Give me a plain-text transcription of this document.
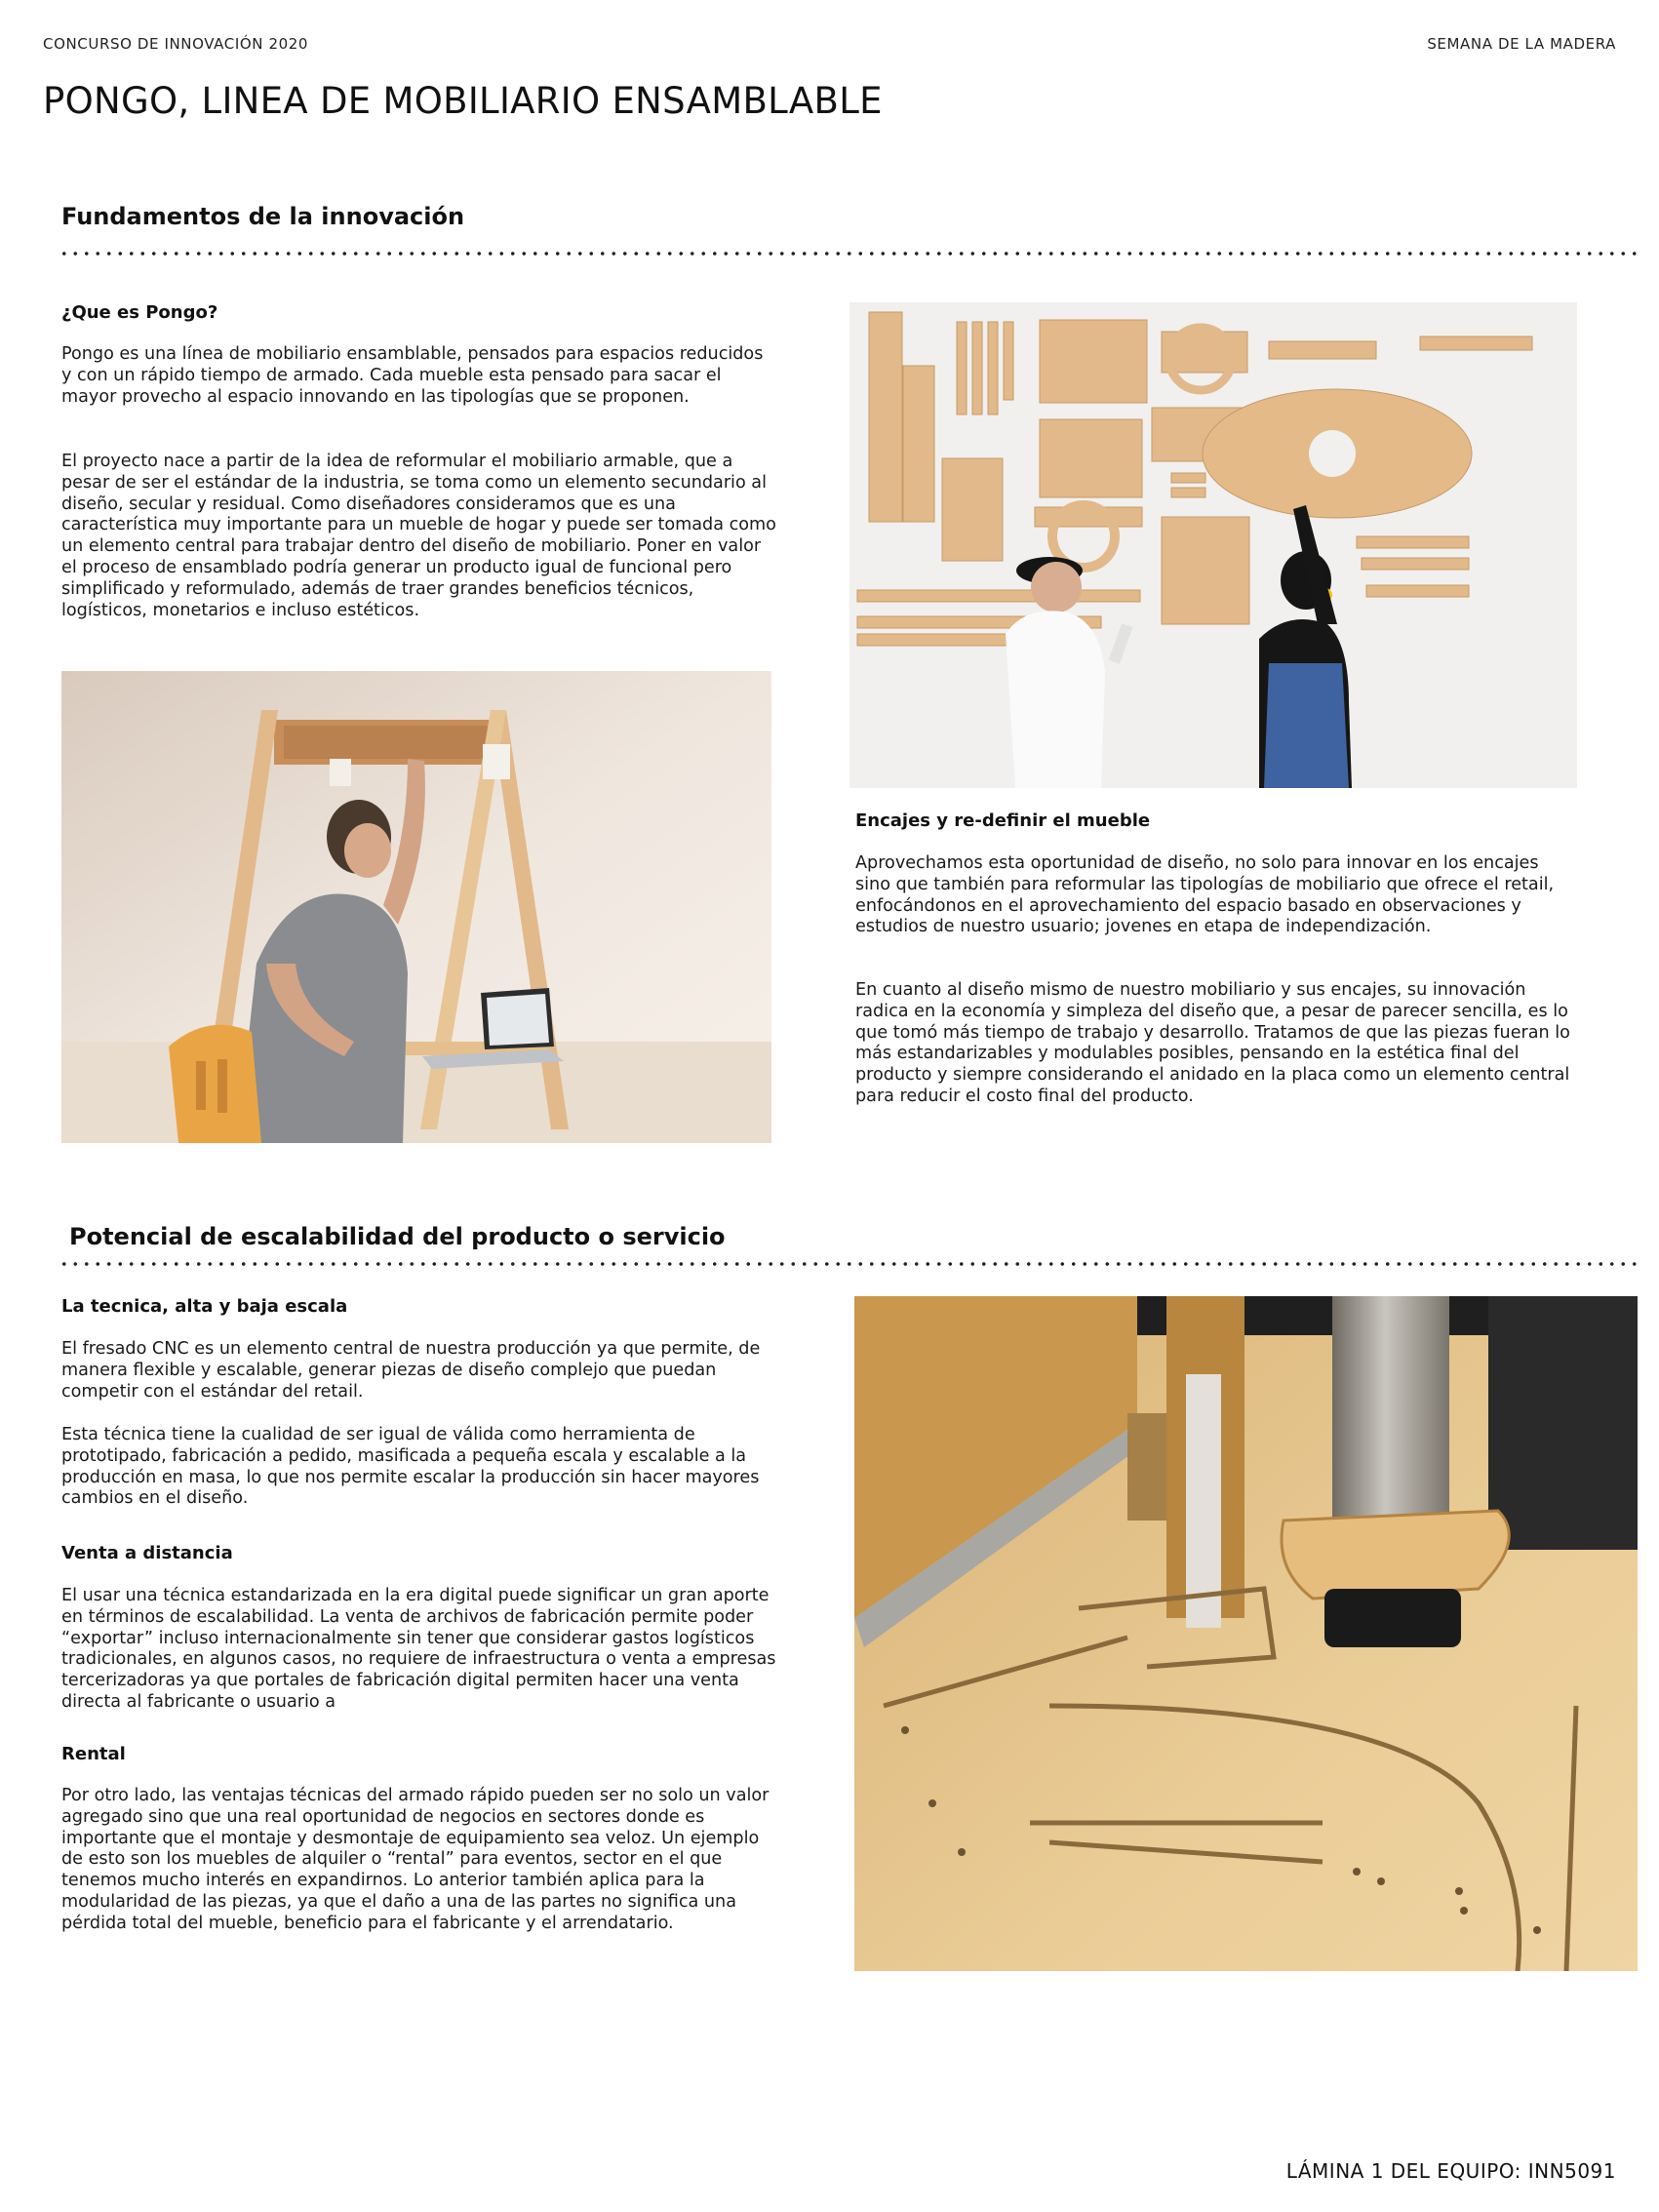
CONCURSO DE INNOVACIÓN 2020	SEMANA DE LA MADERA
PONGO, LINEA DE MOBILIARIO ENSAMBLABLE
Fundamentos de la innovación
¿Que es Pongo?

Pongo es una línea de mobiliario ensamblable, pensados para espacios reducidos y con un rápido tiempo de armado. Cada mueble esta pensado para sacar el mayor provecho al espacio innovando en las tipologías que se proponen.

El proyecto nace a partir de la idea de reformular el mobiliario armable, que a pesar de ser el estándar de la industria, se toma como un elemento secundario al diseño, secular y residual. Como diseñadores consideramos que es una característica muy importante para un mueble de hogar y puede ser tomada como un elemento central para trabajar dentro del diseño de mobiliario. Poner en valor el proceso de ensamblado podría generar un producto igual de funcional pero simplificado y reformulado, además de traer grandes beneficios técnicos, logísticos, monetarios e incluso estéticos.

Encajes y re-definir el mueble

Aprovechamos esta oportunidad de diseño, no solo para innovar en los encajes sino que también para reformular las tipologías de mobiliario que ofrece el retail, enfocándonos en el aprovechamiento del espacio basado en observaciones y estudios de nuestro usuario; jovenes en etapa de independización.

En cuanto al diseño mismo de nuestro mobiliario y sus encajes, su innovación radica en la economía y simpleza del diseño que, a pesar de parecer sencilla, es lo que tomó más tiempo de trabajo y desarrollo. Tratamos de que las piezas fueran lo más estandarizables y modulables posibles, pensando en la estética final del producto y siempre considerando el anidado en la placa como un elemento central para reducir el costo final del producto.

Potencial de escalabilidad del producto o servicio
La tecnica, alta y baja escala

El fresado CNC es un elemento central de nuestra producción ya que permite, de manera flexible y escalable, generar piezas de diseño complejo que puedan competir con el estándar del retail.

Esta técnica tiene la cualidad de ser igual de válida como herramienta de prototipado, fabricación a pedido, masificada a pequeña escala y escalable a la producción en masa, lo que nos permite escalar la producción sin hacer mayores cambios en el diseño.

Venta a distancia

El usar una técnica estandarizada en la era digital puede significar un gran aporte en términos de escalabilidad. La venta de archivos de fabricación permite poder “exportar” incluso internacionalmente sin tener que considerar gastos logísticos tradicionales, en algunos casos, no requiere de infraestructura o venta a empresas tercerizadoras ya que portales de fabricación digital permiten hacer una venta directa al fabricante o usuario a

Rental

Por otro lado, las ventajas técnicas del armado rápido pueden ser no solo un valor agregado sino que una real oportunidad de negocios en sectores donde es importante que el montaje y desmontaje de equipamiento sea veloz. Un ejemplo de esto son los muebles de alquiler o “rental” para eventos, sector en el que tenemos mucho interés en expandirnos. Lo anterior también aplica para la modularidad de las piezas, ya que el daño a una de las partes no significa una pérdida total del mueble, beneficio para el fabricante y el arrendatario.

LÁMINA 1 DEL EQUIPO: INN5091
